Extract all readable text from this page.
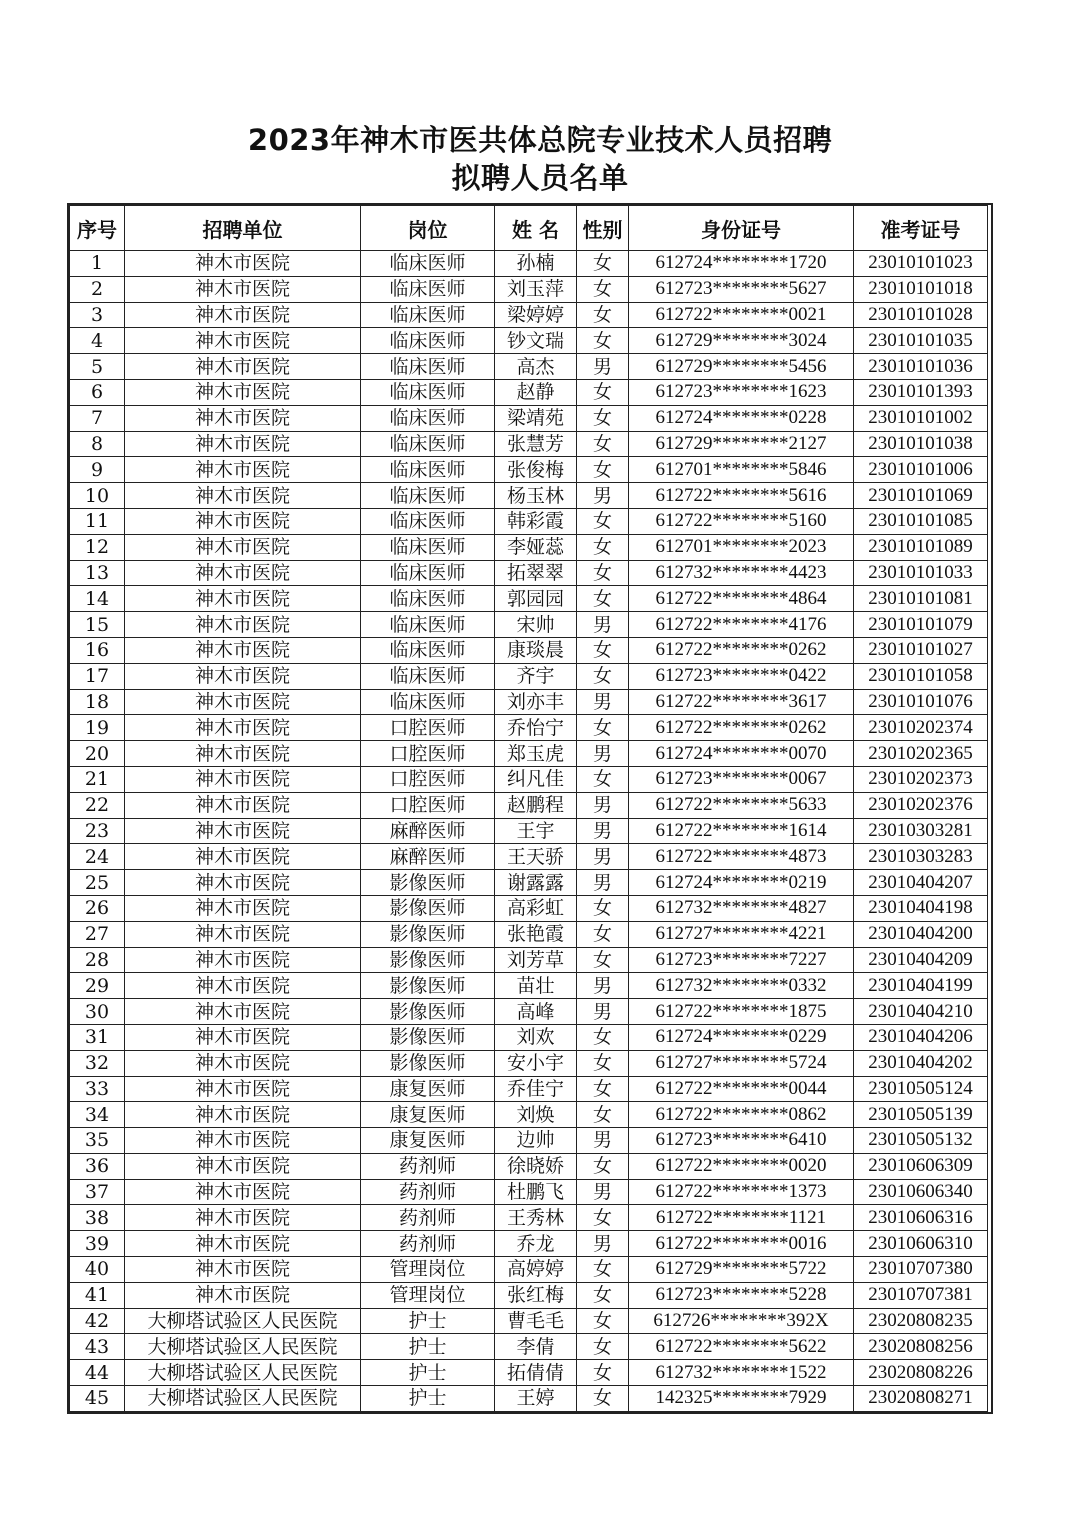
2023年神木市医共体总院专业技术人员招聘
拟聘人员名单
序号	招聘单位	岗位	姓 名	性别	身份证号	准考证号
1	神木市医院	临床医师	孙楠	女	612724********1720	23010101023
2	神木市医院	临床医师	刘玉萍	女	612723********5627	23010101018
3	神木市医院	临床医师	梁婷婷	女	612722********0021	23010101028
4	神木市医院	临床医师	钞文瑞	女	612729********3024	23010101035
5	神木市医院	临床医师	高杰	男	612729********5456	23010101036
6	神木市医院	临床医师	赵静	女	612723********1623	23010101393
7	神木市医院	临床医师	梁靖苑	女	612724********0228	23010101002
8	神木市医院	临床医师	张慧芳	女	612729********2127	23010101038
9	神木市医院	临床医师	张俊梅	女	612701********5846	23010101006
10	神木市医院	临床医师	杨玉林	男	612722********5616	23010101069
11	神木市医院	临床医师	韩彩霞	女	612722********5160	23010101085
12	神木市医院	临床医师	李娅蕊	女	612701********2023	23010101089
13	神木市医院	临床医师	拓翠翠	女	612732********4423	23010101033
14	神木市医院	临床医师	郭园园	女	612722********4864	23010101081
15	神木市医院	临床医师	宋帅	男	612722********4176	23010101079
16	神木市医院	临床医师	康琰晨	女	612722********0262	23010101027
17	神木市医院	临床医师	齐宇	女	612723********0422	23010101058
18	神木市医院	临床医师	刘亦丰	男	612722********3617	23010101076
19	神木市医院	口腔医师	乔怡宁	女	612722********0262	23010202374
20	神木市医院	口腔医师	郑玉虎	男	612724********0070	23010202365
21	神木市医院	口腔医师	纠凡佳	女	612723********0067	23010202373
22	神木市医院	口腔医师	赵鹏程	男	612722********5633	23010202376
23	神木市医院	麻醉医师	王宇	男	612722********1614	23010303281
24	神木市医院	麻醉医师	王天骄	男	612722********4873	23010303283
25	神木市医院	影像医师	谢露露	男	612724********0219	23010404207
26	神木市医院	影像医师	高彩虹	女	612732********4827	23010404198
27	神木市医院	影像医师	张艳霞	女	612727********4221	23010404200
28	神木市医院	影像医师	刘芳草	女	612723********7227	23010404209
29	神木市医院	影像医师	苗壮	男	612732********0332	23010404199
30	神木市医院	影像医师	高峰	男	612722********1875	23010404210
31	神木市医院	影像医师	刘欢	女	612724********0229	23010404206
32	神木市医院	影像医师	安小宇	女	612727********5724	23010404202
33	神木市医院	康复医师	乔佳宁	女	612722********0044	23010505124
34	神木市医院	康复医师	刘焕	女	612722********0862	23010505139
35	神木市医院	康复医师	边帅	男	612723********6410	23010505132
36	神木市医院	药剂师	徐晓娇	女	612722********0020	23010606309
37	神木市医院	药剂师	杜鹏飞	男	612722********1373	23010606340
38	神木市医院	药剂师	王秀林	女	612722********1121	23010606316
39	神木市医院	药剂师	乔龙	男	612722********0016	23010606310
40	神木市医院	管理岗位	高婷婷	女	612729********5722	23010707380
41	神木市医院	管理岗位	张红梅	女	612723********5228	23010707381
42	大柳塔试验区人民医院	护士	曹毛毛	女	612726********392X	23020808235
43	大柳塔试验区人民医院	护士	李倩	女	612722********5622	23020808256
44	大柳塔试验区人民医院	护士	拓倩倩	女	612732********1522	23020808226
45	大柳塔试验区人民医院	护士	王婷	女	142325********7929	23020808271
